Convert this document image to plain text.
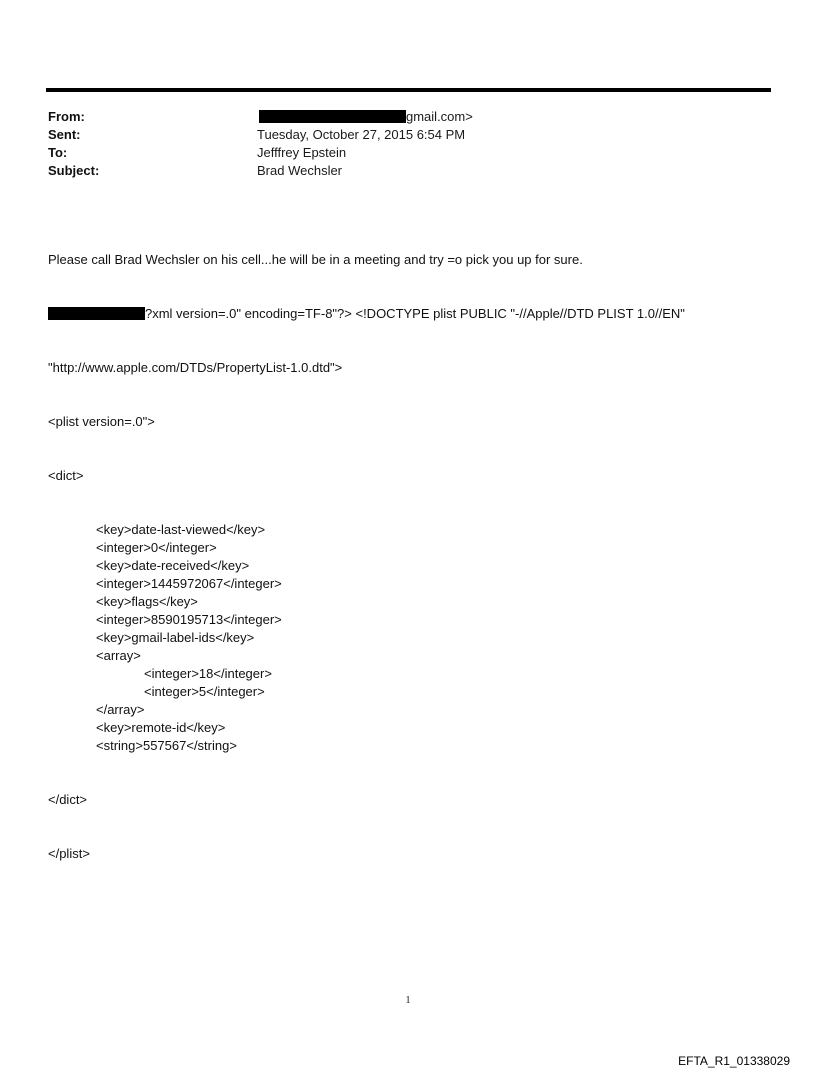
From:	gmail.com>
Sent:	Tuesday, October 27, 2015 6:54 PM
To:	Jefffrey Epstein
Subject:	Brad Wechsler

Please call Brad Wechsler on his cell...he will be in a meeting and try =o pick you up for sure.

?xml version=.0" encoding=TF-8"?> <!DOCTYPE plist PUBLIC "-//Apple//DTD PLIST 1.0//EN"

"http://www.apple.com/DTDs/PropertyList-1.0.dtd">

<plist version=.0">

<dict>

<key>date-last-viewed</key>
<integer>0</integer>
<key>date-received</key>
<integer>1445972067</integer>
<key>flags</key>
<integer>8590195713</integer>
<key>gmail-label-ids</key>
<array>
<integer>18</integer>
<integer>5</integer>
</array>
<key>remote-id</key>
<string>557567</string>

</dict>

</plist>

1
EFTA_R1_01338029
